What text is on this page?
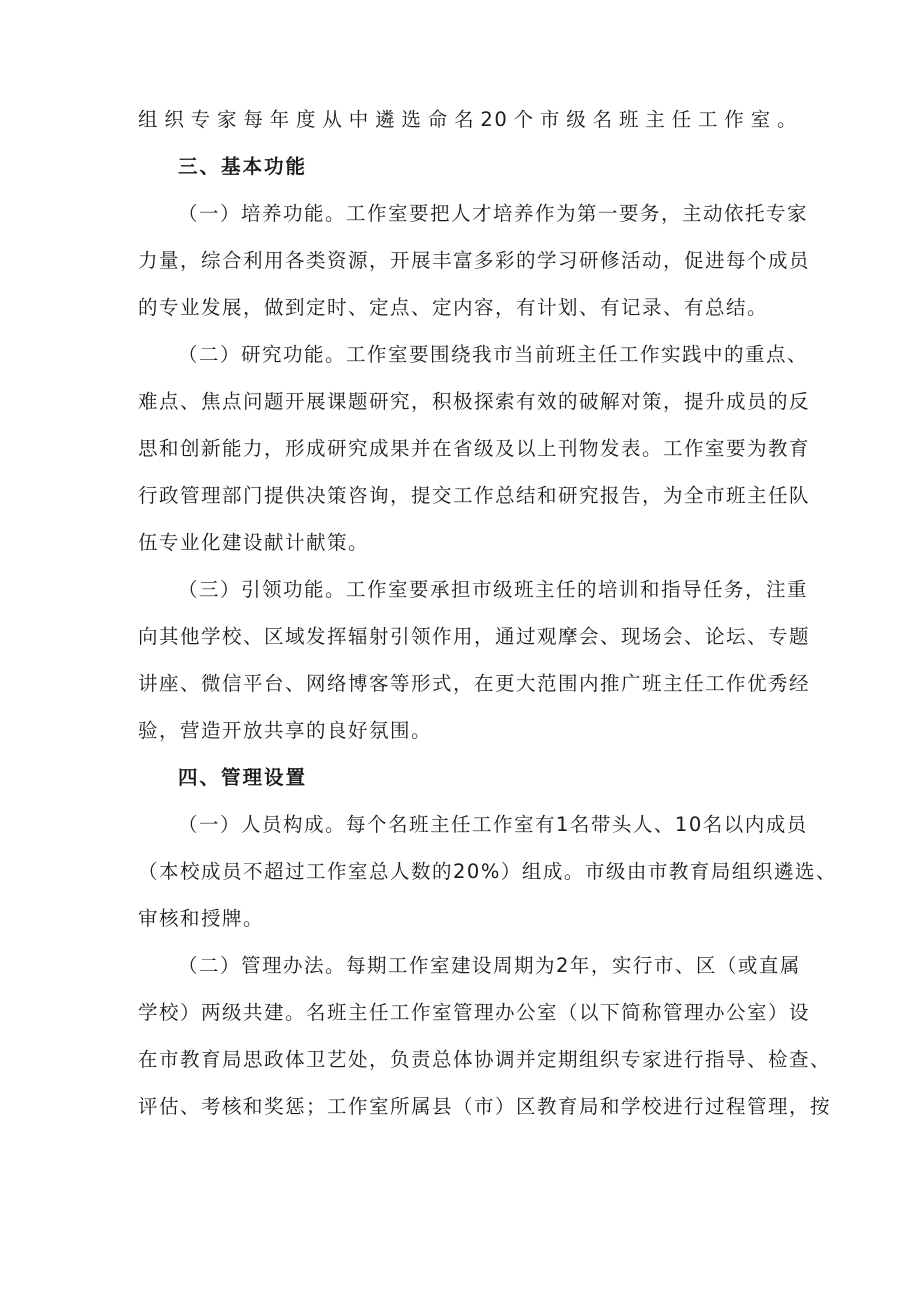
组织专家每年度从中遴选命名20个市级名班主任工作室。
三、基本功能
（一）培养功能。工作室要把人才培养作为第一要务，主动依托专家
力量，综合利用各类资源，开展丰富多彩的学习研修活动，促进每个成员
的专业发展，做到定时、定点、定内容，有计划、有记录、有总结。
（二）研究功能。工作室要围绕我市当前班主任工作实践中的重点、
难点、焦点问题开展课题研究，积极探索有效的破解对策，提升成员的反
思和创新能力，形成研究成果并在省级及以上刊物发表。工作室要为教育
行政管理部门提供决策咨询，提交工作总结和研究报告，为全市班主任队
伍专业化建设献计献策。
（三）引领功能。工作室要承担市级班主任的培训和指导任务，注重
向其他学校、区域发挥辐射引领作用，通过观摩会、现场会、论坛、专题
讲座、微信平台、网络博客等形式，在更大范围内推广班主任工作优秀经
验，营造开放共享的良好氛围。
四、管理设置
（一）人员构成。每个名班主任工作室有1名带头人、10名以内成员
（本校成员不超过工作室总人数的20%）组成。市级由市教育局组织遴选、
审核和授牌。
（二）管理办法。每期工作室建设周期为2年，实行市、区（或直属
学校）两级共建。名班主任工作室管理办公室（以下简称管理办公室）设
在市教育局思政体卫艺处，负责总体协调并定期组织专家进行指导、检查、
评估、考核和奖惩；工作室所属县（市）区教育局和学校进行过程管理，按
